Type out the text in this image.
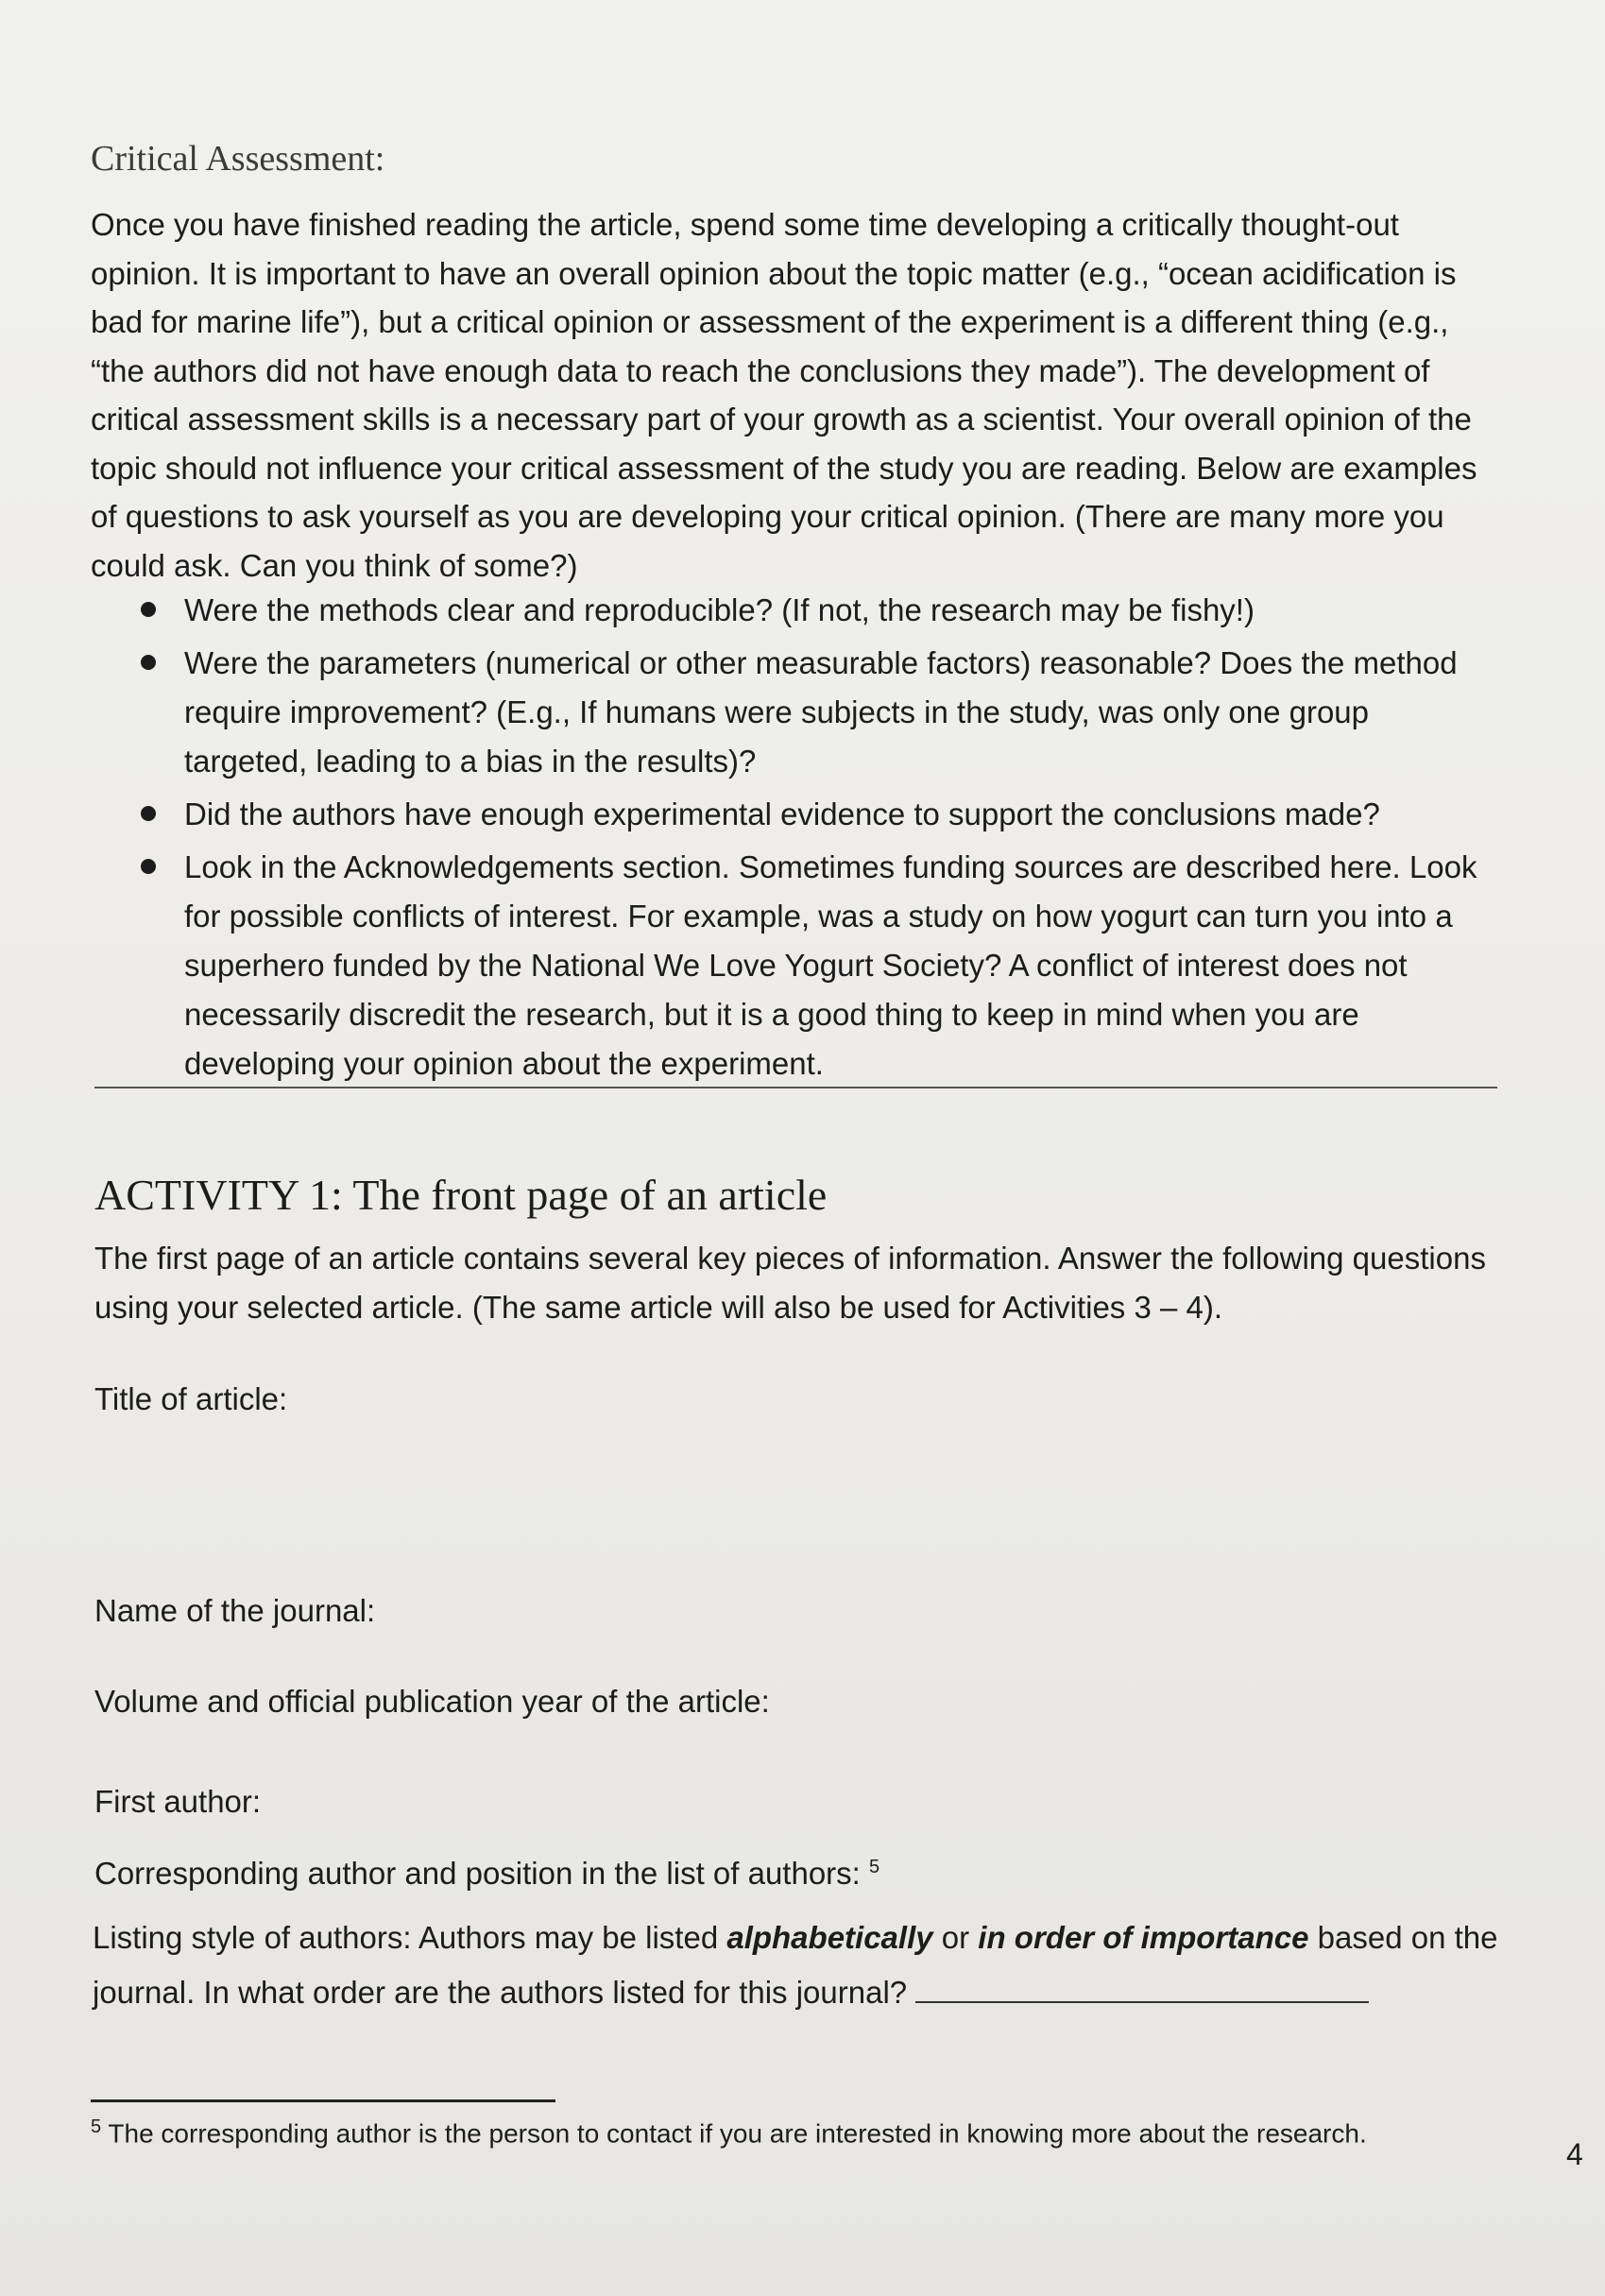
Critical Assessment:
Once you have finished reading the article, spend some time developing a critically thought-out opinion. It is important to have an overall opinion about the topic matter (e.g., “ocean acidification is bad for marine life”), but a critical opinion or assessment of the experiment is a different thing (e.g., “the authors did not have enough data to reach the conclusions they made”). The development of critical assessment skills is a necessary part of your growth as a scientist. Your overall opinion of the topic should not influence your critical assessment of the study you are reading. Below are examples of questions to ask yourself as you are developing your critical opinion. (There are many more you could ask. Can you think of some?)
Were the methods clear and reproducible? (If not, the research may be fishy!)
Were the parameters (numerical or other measurable factors) reasonable? Does the method require improvement? (E.g., If humans were subjects in the study, was only one group targeted, leading to a bias in the results)?
Did the authors have enough experimental evidence to support the conclusions made?
Look in the Acknowledgements section. Sometimes funding sources are described here. Look for possible conflicts of interest. For example, was a study on how yogurt can turn you into a superhero funded by the National We Love Yogurt Society? A conflict of interest does not necessarily discredit the research, but it is a good thing to keep in mind when you are developing your opinion about the experiment.
ACTIVITY 1: The front page of an article
The first page of an article contains several key pieces of information. Answer the following questions using your selected article. (The same article will also be used for Activities 3 – 4).
Title of article:
Name of the journal:
Volume and official publication year of the article:
First author:
Corresponding author and position in the list of authors: $^5$
Listing style of authors: Authors may be listed alphabetically or in order of importance based on the journal. In what order are the authors listed for this journal?
$^5$ The corresponding author is the person to contact if you are interested in knowing more about the research.
4
